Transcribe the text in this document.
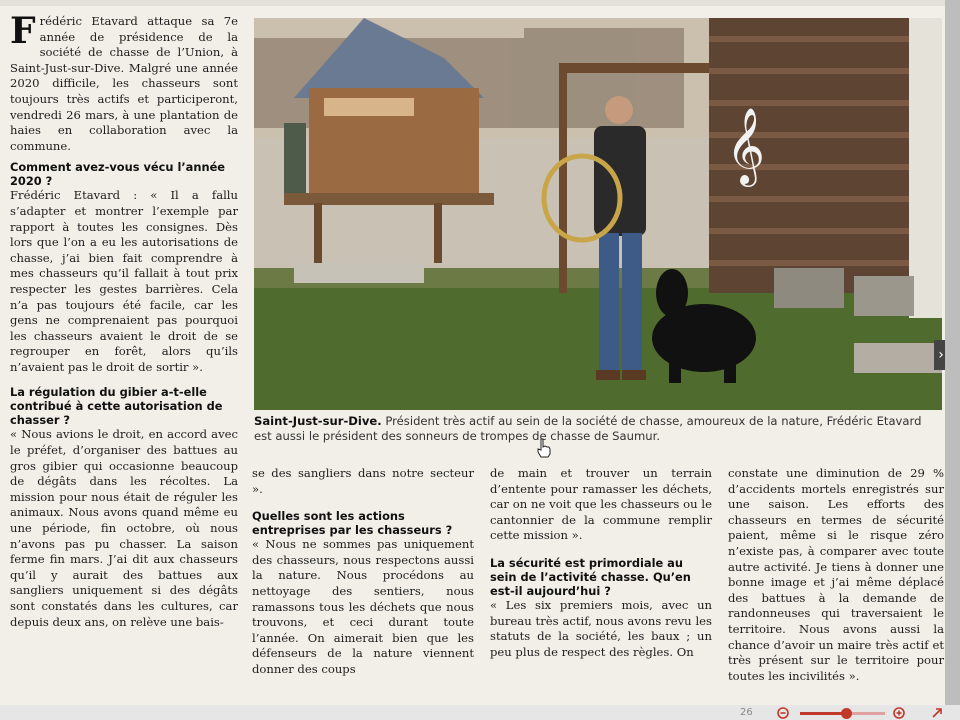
Frédéric Etavard attaque sa 7e année de présidence de la société de chasse de l’Union, à Saint-Just-sur-Dive. Malgré une année 2020 difficile, les chasseurs sont toujours très actifs et participeront, vendredi 26 mars, à une plantation de haies en collaboration avec la commune.

Comment avez-vous vécu l’année 2020 ?

Frédéric Etavard : « Il a fallu s’adapter et montrer l’exemple par rapport à toutes les consignes. Dès lors que l’on a eu les autorisations de chasse, j’ai bien fait comprendre à mes chasseurs qu’il fallait à tout prix respecter les gestes barrières. Cela n’a pas toujours été facile, car les gens ne comprenaient pas pourquoi les chasseurs avaient le droit de se regrouper en forêt, alors qu’ils n’avaient pas le droit de sortir ».

La régulation du gibier a-t-elle contribué à cette autorisation de chasser ?

« Nous avions le droit, en accord avec le préfet, d’organiser des battues au gros gibier qui occasionne beaucoup de dégâts dans les récoltes. La mission pour nous était de réguler les animaux. Nous avons quand même eu une période, fin octobre, où nous n’avons pas pu chasser. La saison ferme fin mars. J’ai dit aux chasseurs qu’il y aurait des battues aux sangliers uniquement si des dégâts sont constatés dans les cultures, car depuis deux ans, on relève une bais-

𝄞
Saint-Just-sur-Dive. Président très actif au sein de la société de chasse, amoureux de la nature, Frédéric Etavard est aussi le président des sonneurs de trompes de chasse de Saumur.

se des sangliers dans notre secteur ».

Quelles sont les actions entreprises par les chasseurs ?

« Nous ne sommes pas uniquement des chasseurs, nous respectons aussi la nature. Nous procédons au nettoyage des sentiers, nous ramassons tous les déchets que nous trouvons, et ceci durant toute l’année. On aimerait bien que les défenseurs de la nature viennent donner des coups

de main et trouver un terrain d’entente pour ramasser les déchets, car on ne voit que les chasseurs ou le cantonnier de la commune remplir cette mission ».

La sécurité est primordiale au sein de l’activité chasse. Qu’en est-il aujourd’hui ?

« Les six premiers mois, avec un bureau très actif, nous avons revu les statuts de la société, les baux ; un peu plus de respect des règles. On

constate une diminution de 29 % d’accidents mortels enregistrés sur une saison. Les efforts des chasseurs en termes de sécurité paient, même si le risque zéro n’existe pas, à comparer avec toute autre activité. Je tiens à donner une bonne image et j’ai même déplacé des battues à la demande de randonneuses qui traversaient le territoire. Nous avons aussi la chance d’avoir un maire très actif et très présent sur le territoire pour toutes les incivilités ».

›
26
